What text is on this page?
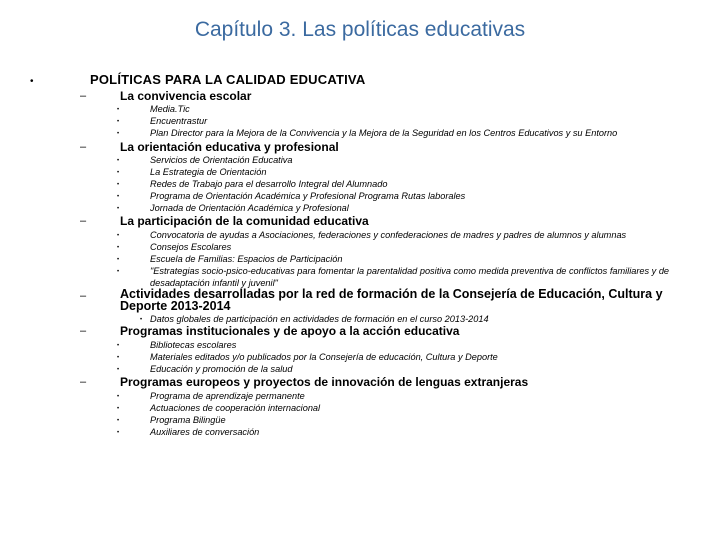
Capítulo 3. Las políticas educativas
•	POLÍTICAS PARA LA CALIDAD EDUCATIVA
–	La convivencia escolar
•	Media.Tic
•	Encuentrastur
•	Plan Director para la Mejora de la Convivencia y la Mejora de la Seguridad en los Centros Educativos y su Entorno
–	La orientación educativa y profesional
•	Servicios de Orientación Educativa
•	La Estrategia de Orientación
•	Redes de Trabajo para el desarrollo Integral del Alumnado
•	Programa de Orientación Académica y Profesional Programa Rutas laborales
•	Jornada de Orientación Académica y Profesional
–	La participación de la comunidad educativa
•	Convocatoria de ayudas a Asociaciones, federaciones y confederaciones de madres y padres de alumnos y alumnas
•	Consejos Escolares
•	Escuela de Familias: Espacios de Participación
•	"Estrategias socio-psico-educativas para fomentar la parentalidad positiva como medida preventiva de conflictos familiares y de desadaptación infantil y juvenil"
–	Actividades desarrolladas por la red de formación de la Consejería de Educación, Cultura y Deporte 2013-2014
• Datos globales de participación en actividades de formación en el curso 2013-2014
–	Programas institucionales y de apoyo a la acción educativa
•	Bibliotecas escolares
•	Materiales editados y/o publicados por la Consejería de educación, Cultura y Deporte
•	Educación y promoción de la salud
–	Programas europeos y proyectos de innovación de lenguas extranjeras
•	Programa de aprendizaje permanente
•	Actuaciones de cooperación internacional
•	Programa Bilingüe
•	Auxiliares de conversación
